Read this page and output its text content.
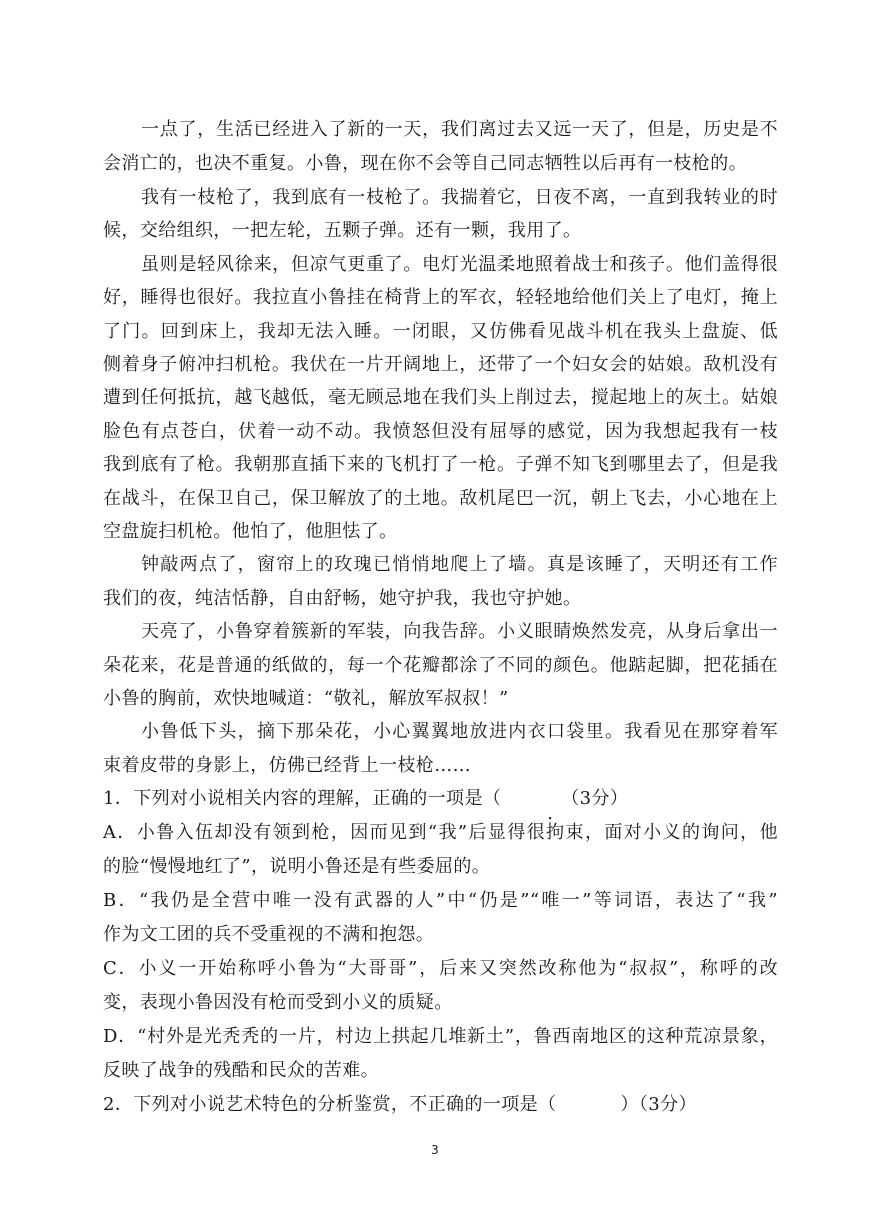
一点了，生活已经进入了新的一天，我们离过去又远一天了，但是，历史是不
会消亡的，也决不重复。小鲁，现在你不会等自己同志牺牲以后再有一枝枪的。
我有一枝枪了，我到底有一枝枪了。我揣着它，日夜不离，一直到我转业的时
候，交给组织，一把左轮，五颗子弹。还有一颗，我用了。
虽则是轻风徐来，但凉气更重了。电灯光温柔地照着战士和孩子。他们盖得很
好，睡得也很好。我拉直小鲁挂在椅背上的军衣，轻轻地给他们关上了电灯，掩上
了门。回到床上，我却无法入睡。一闭眼，又仿佛看见战斗机在我头上盘旋、低
侧着身子俯冲扫机枪。我伏在一片开阔地上，还带了一个妇女会的姑娘。敌机没有
遭到任何抵抗，越飞越低，毫无顾忌地在我们头上削过去，搅起地上的灰土。姑娘
脸色有点苍白，伏着一动不动。我愤怒但没有屈辱的感觉，因为我想起我有一枝
我到底有了枪。我朝那直插下来的飞机打了一枪。子弹不知飞到哪里去了，但是我
在战斗，在保卫自己，保卫解放了的土地。敌机尾巴一沉，朝上飞去，小心地在上
空盘旋扫机枪。他怕了，他胆怯了。
钟敲两点了，窗帘上的玫瑰已悄悄地爬上了墙。真是该睡了，天明还有工作
我们的夜，纯洁恬静，自由舒畅，她守护我，我也守护她。
天亮了，小鲁穿着簇新的军装，向我告辞。小义眼睛焕然发亮，从身后拿出一
朵花来，花是普通的纸做的，每一个花瓣都涂了不同的颜色。他踮起脚，把花插在
小鲁的胸前，欢快地喊道：“敬礼，解放军叔叔！”
小鲁低下头，摘下那朵花，小心翼翼地放进内衣口袋里。我看见在那穿着军
束着皮带的身影上，仿佛已经背上一枝枪……
1．下列对小说相关内容的理解，正确的一项是（
.
（3分）
A．小鲁入伍却没有领到枪，因而见到“我”后显得很拘束，面对小义的询问，他
的脸“慢慢地红了”，说明小鲁还是有些委屈的。
B．“我仍是全营中唯一没有武器的人”中“仍是”“唯一”等词语，表达了“我”
作为文工团的兵不受重视的不满和抱怨。
C．小义一开始称呼小鲁为“大哥哥”，后来又突然改称他为“叔叔”，称呼的改
变，表现小鲁因没有枪而受到小义的质疑。
D．“村外是光秃秃的一片，村边上拱起几堆新土”，鲁西南地区的这种荒凉景象，
反映了战争的残酷和民众的苦难。
2．下列对小说艺术特色的分析鉴赏，不正确的一项是（	）（3分）
3
